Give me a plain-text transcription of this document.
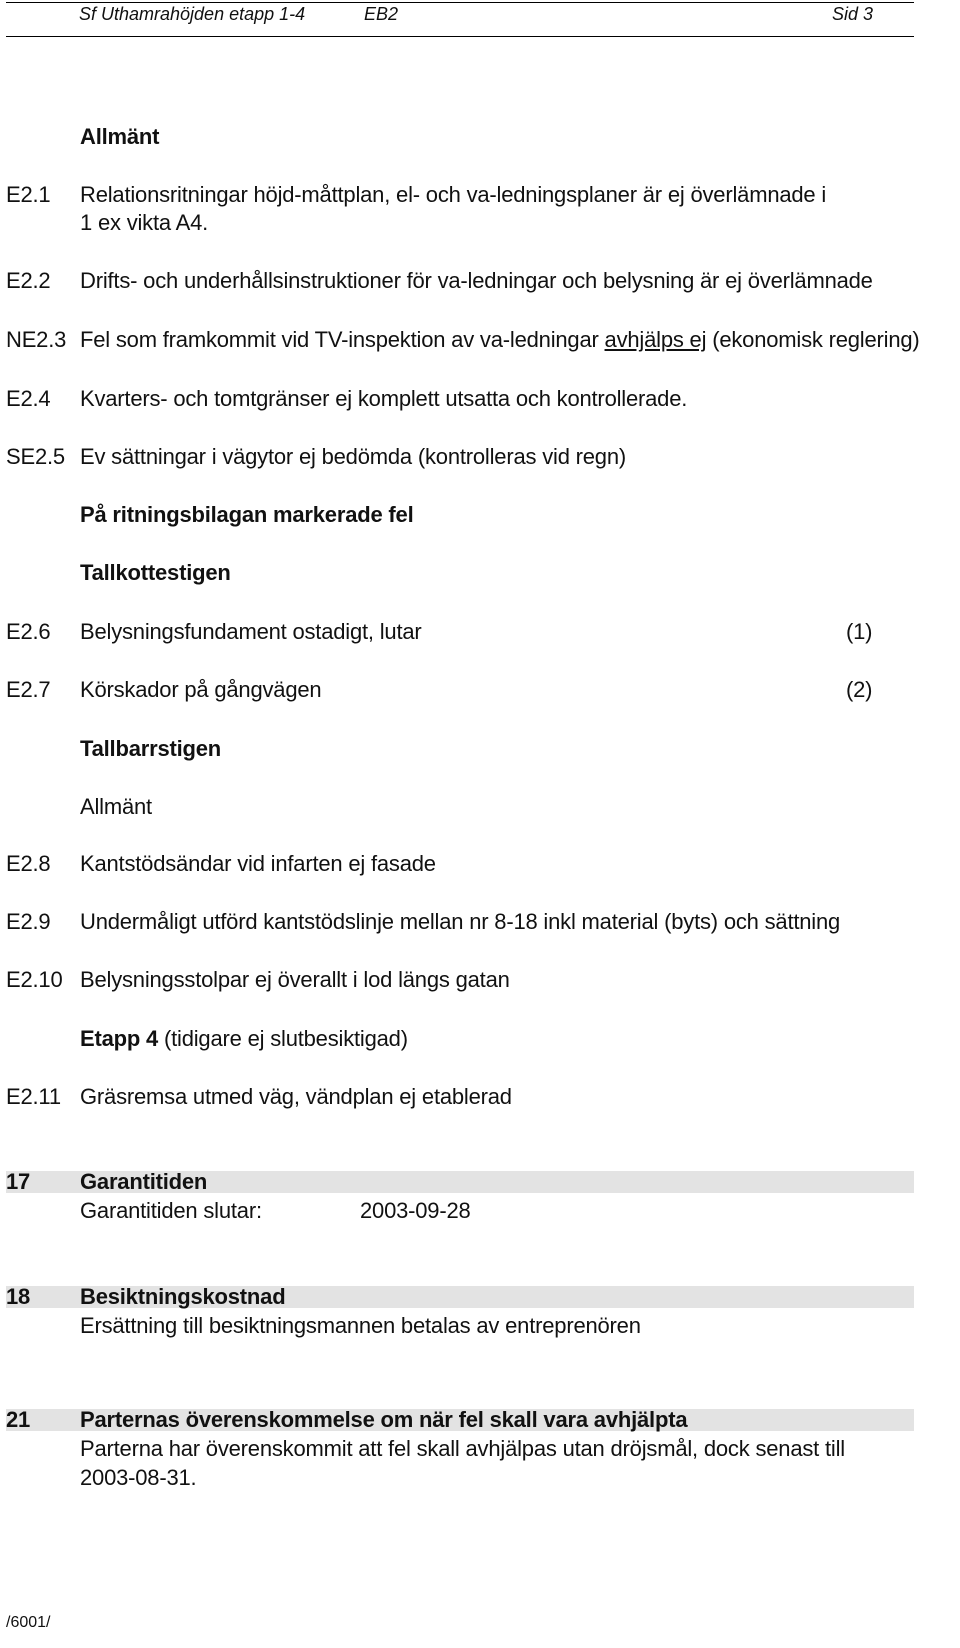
Sf Uthamrahöjden etapp 1-4	EB2	Sid 3
Allmänt
E2.1 Relationsritningar höjd-måttplan, el- och va-ledningsplaner är ej överlämnade i
1 ex vikta A4.
E2.2 Drifts- och underhållsinstruktioner för va-ledningar och belysning är ej överlämnade
NE2.3 Fel som framkommit vid TV-inspektion av va-ledningar avhjälps ej (ekonomisk reglering)
E2.4 Kvarters- och tomtgränser ej komplett utsatta och kontrollerade.
SE2.5 Ev sättningar i vägytor ej bedömda (kontrolleras vid regn)
På ritningsbilagan markerade fel
Tallkottestigen
E2.6 Belysningsfundament ostadigt, lutar	(1)
E2.7 Körskador på gångvägen	(2)
Tallbarrstigen
Allmänt
E2.8 Kantstödsändar vid infarten ej fasade
E2.9 Undermåligt utförd kantstödslinje mellan nr 8-18 inkl material (byts) och sättning
E2.10 Belysningsstolpar ej överallt i lod längs gatan
Etapp 4 (tidigare ej slutbesiktigad)
E2.11 Gräsremsa utmed väg, vändplan ej etablerad
17 Garantitiden
Garantitiden slutar:	2003-09-28
18 Besiktningskostnad
Ersättning till besiktningsmannen betalas av entreprenören
21 Parternas överenskommelse om när fel skall vara avhjälpta
Parterna har överenskommit att fel skall avhjälpas utan dröjsmål, dock senast till
2003-08-31.
/6001/
